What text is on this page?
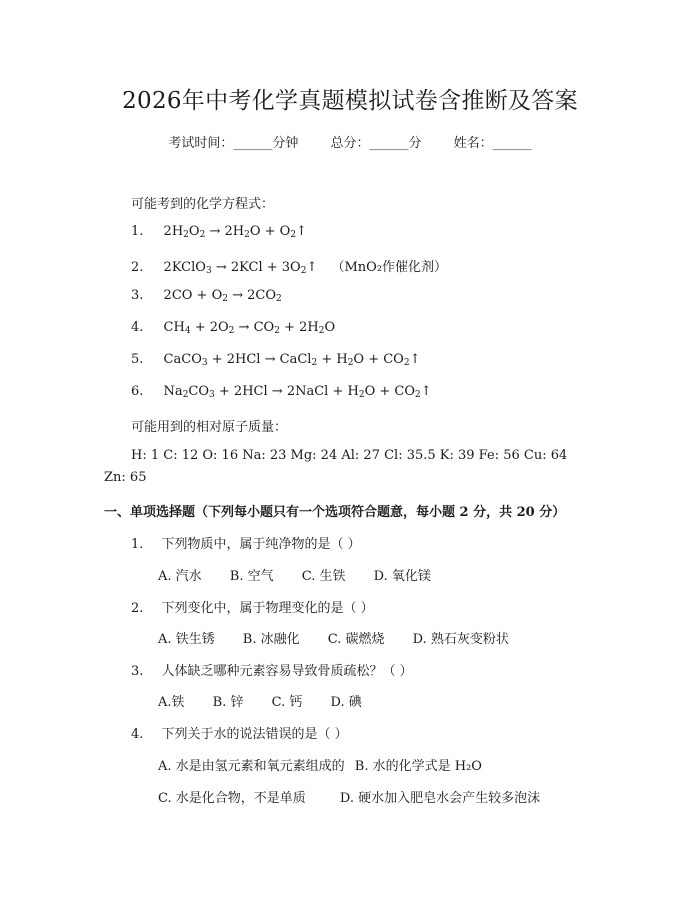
2026年中考化学真题模拟试卷含推断及答案
考试时间：______分钟 总分：______分 姓名：______
可能考到的化学方程式：
1. $2H_2O_2 \to 2H_2O$ + $O_2↑$
2. 2KClO$_3$ → $2KCl + 3O_2↑$ （MnO₂作催化剂）
3. $2CO + O_2 \to 2CO_2$
4. $CH_4 + 2O_2 \to CO_2 + 2H_2O$
5. CaCO$_3$ + 2HCl → CaCl$_2$ + $H_2O$ + $CO_2↑$
6. $Na_2CO_3 + 2HCl$ → 2NaCl + $H_2O$ + $CO_2↑$
可能用到的相对原子质量：
H: 1 C: 12 O: 16 Na: 23 Mg: 24 Al: 27 Cl: 35.5 K: 39 Fe: 56 Cu: 64
Zn: 65
一、单项选择题（下列每小题只有一个选项符合题意，每小题 2 分，共 20 分）
1. 下列物质中，属于纯净物的是（ ）
A. 汽水 B. 空气 C. 生铁 D. 氧化镁
2. 下列变化中，属于物理变化的是（ ）
A. 铁生锈 B. 冰融化 C. 碳燃烧 D. 熟石灰变粉状
3. 人体缺乏哪种元素容易导致骨质疏松？（ ）
A.铁 B. 锌 C. 钙 D. 碘
4. 下列关于水的说法错误的是（ ）
A. 水是由氢元素和氧元素组成的 B. 水的化学式是 H₂O
C. 水是化合物，不是单质	D. 硬水加入肥皂水会产生较多泡沫
